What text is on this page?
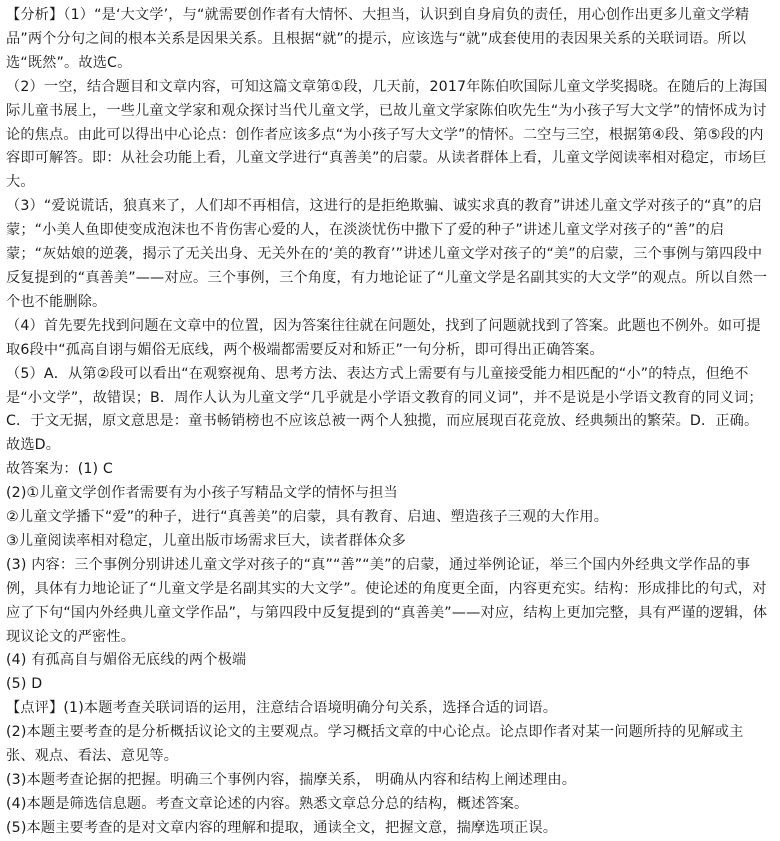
【分析】（1）“是‘大文学’，与“就需要创作者有大情怀、大担当，认识到自身肩负的责任，用心创作出更多儿童文学精品”两个分句之间的根本关系是因果关系。且根据“就”的提示，应该选与“就”成套使用的表因果关系的关联词语。所以选“既然”。故选C。

（2）一空，结合题目和文章内容，可知这篇文章第①段，几天前，2017年陈伯吹国际儿童文学奖揭晓。在随后的上海国际儿童书展上，一些儿童文学家和观众探讨当代儿童文学，已故儿童文学家陈伯吹先生“为小孩子写大文学”的情怀成为讨论的焦点。由此可以得出中心论点：创作者应该多点“为小孩子写大文学”的情怀。二空与三空，根据第④段、第⑤段的内容即可解答。即：从社会功能上看，儿童文学进行“真善美”的启蒙。从读者群体上看，儿童文学阅读率相对稳定，市场巨大。

（3）“爱说谎话，狼真来了，人们却不再相信，这进行的是拒绝欺骗、诚实求真的教育”讲述儿童文学对孩子的“真”的启蒙；“小美人鱼即使变成泡沫也不肯伤害心爱的人，在淡淡忧伤中撒下了爱的种子”讲述儿童文学对孩子的“善”的启蒙；“灰姑娘的逆袭，揭示了无关出身、无关外在的‘美的教育’”讲述儿童文学对孩子的“美”的启蒙，三个事例与第四段中反复提到的“真善美”——对应。三个事例，三个角度，有力地论证了“儿童文学是名副其实的大文学”的观点。所以自然一个也不能删除。

（4）首先要先找到问题在文章中的位置，因为答案往往就在问题处，找到了问题就找到了答案。此题也不例外。如可提取6段中“孤高自诩与媚俗无底线，两个极端都需要反对和矫正”一句分析，即可得出正确答案。

（5）A．从第②段可以看出“在观察视角、思考方法、表达方式上需要有与儿童接受能力相匹配的“小”的特点，但绝不是“小文学”，故错误；B．周作人认为儿童文学“几乎就是小学语文教育的同义词”，并不是说是小学语文教育的同义词；C．于文无据，原文意思是：童书畅销榜也不应该总被一两个人独揽，而应展现百花竞放、经典频出的繁荣。D．正确。故选D。

故答案为：(1) C

(2)①儿童文学创作者需要有为小孩子写精品文学的情怀与担当

②儿童文学播下“爱”的种子，进行“真善美”的启蒙，具有教育、启迪、塑造孩子三观的大作用。

③儿童阅读率相对稳定，儿童出版市场需求巨大，读者群体众多

(3) 内容：三个事例分别讲述儿童文学对孩子的“真”“善”“美”的启蒙，通过举例论证，举三个国内外经典文学作品的事例，具体有力地论证了“儿童文学是名副其实的大文学”。使论述的角度更全面，内容更充实。结构：形成排比的句式，对应了下句“国内外经典儿童文学作品”，与第四段中反复提到的“真善美”——对应，结构上更加完整，具有严谨的逻辑，体现议论文的严密性。

(4) 有孤高自与媚俗无底线的两个极端

(5) D

【点评】(1)本题考查关联词语的运用，注意结合语境明确分句关系，选择合适的词语。

(2)本题主要考查的是分析概括议论文的主要观点。学习概括文章的中心论点。论点即作者对某一问题所持的见解或主张、观点、看法、意见等。

(3)本题考查论据的把握。明确三个事例内容，揣摩关系， 明确从内容和结构上阐述理由。

(4)本题是筛选信息题。考查文章论述的内容。熟悉文章总分总的结构，概述答案。

(5)本题主要考查的是对文章内容的理解和提取，通读全文，把握文意，揣摩选项正误。
